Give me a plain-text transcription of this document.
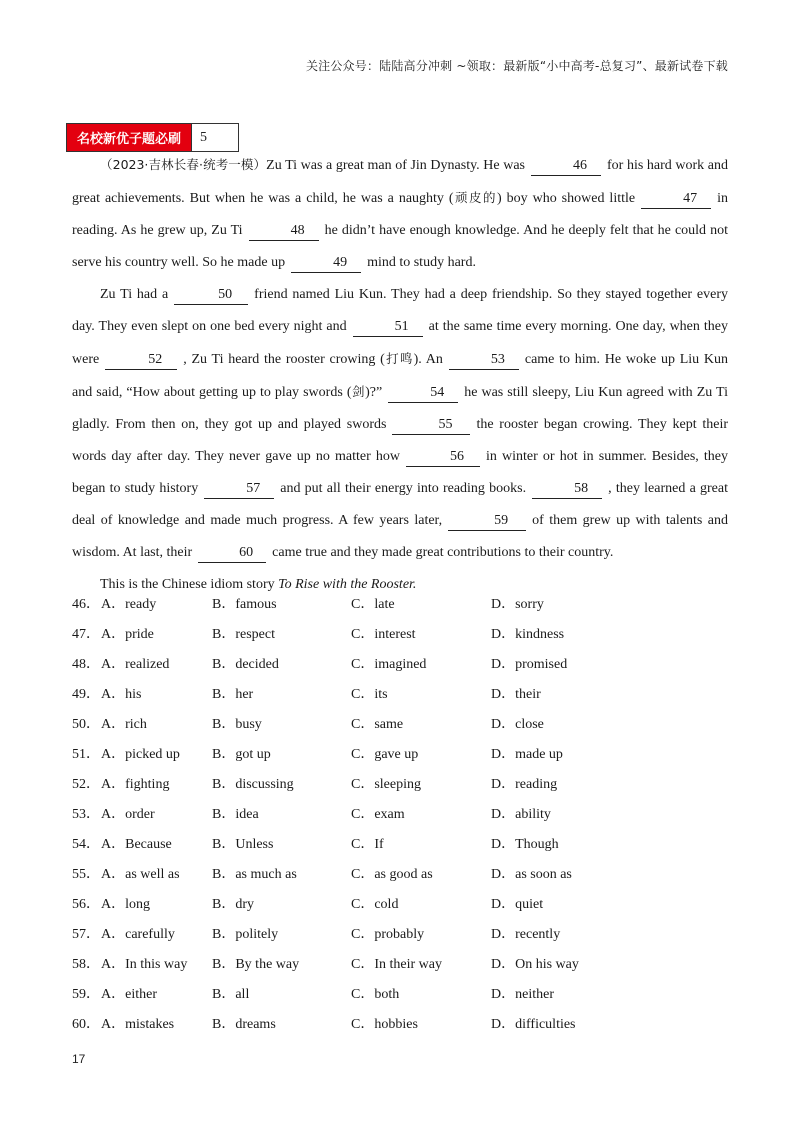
关注公众号：陆陆高分冲刺 ~领取：最新版“小中高考-总复习”、最新试卷下载
名校新优子题必刷	5

（2023·吉林长春·统考一模）Zu Ti was a great man of Jin Dynasty. He was	46 for his hard work and great achievements. But when he was a child, he was a naughty (顽皮的) boy who showed little	47 in reading. As he grew up, Zu Ti	48 he didn’t have enough knowledge. And he deeply felt that he could not serve his country well. So he made up	49 mind to study hard.

Zu Ti had a	50 friend named Liu Kun. They had a deep friendship. So they stayed together every day. They even slept on one bed every night and	51 at the same time every morning. One day, when they were	52 , Zu Ti heard the rooster crowing (打鸣). An	53 came to him. He woke up Liu Kun and said, “How about getting up to play swords (剑)?”	54 he was still sleepy, Liu Kun agreed with Zu Ti gladly. From then on, they got up and played swords	55 the rooster began crowing. They kept their words day after day. They never gave up no matter how	56 in winter or hot in summer. Besides, they began to study history	57 and put all their energy into reading books.	58 , they learned a great deal of knowledge and made much progress. A few years later,	59 of them grew up with talents and wisdom. At last, their	60 came true and they made great contributions to their country.

This is the Chinese idiom story To Rise with the Rooster.

46． A．ready	B．famous	C．late	D．sorry
47． A．pride	B．respect	C．interest	D．kindness
48． A．realized	B．decided	C．imagined	D．promised
49． A．his	B．her	C．its	D．their
50． A．rich	B．busy	C．same	D．close
51． A．picked up B．got up	C．gave up	D．made up
52． A．fighting	B．discussing	C．sleeping	D．reading
53． A．order	B．idea	C．exam	D．ability
54． A．Because	B．Unless	C．If	D．Though
55． A．as well as B．as much as	C．as good as	D．as soon as
56． A．long	B．dry	C．cold	D．quiet
57． A．carefully	B．politely	C．probably	D．recently
58． A．In this way B．By the way	C．In their way	D．On his way
59． A．either	B．all	C．both	D．neither
60． A．mistakes	B．dreams	C．hobbies	D．difficulties
17
